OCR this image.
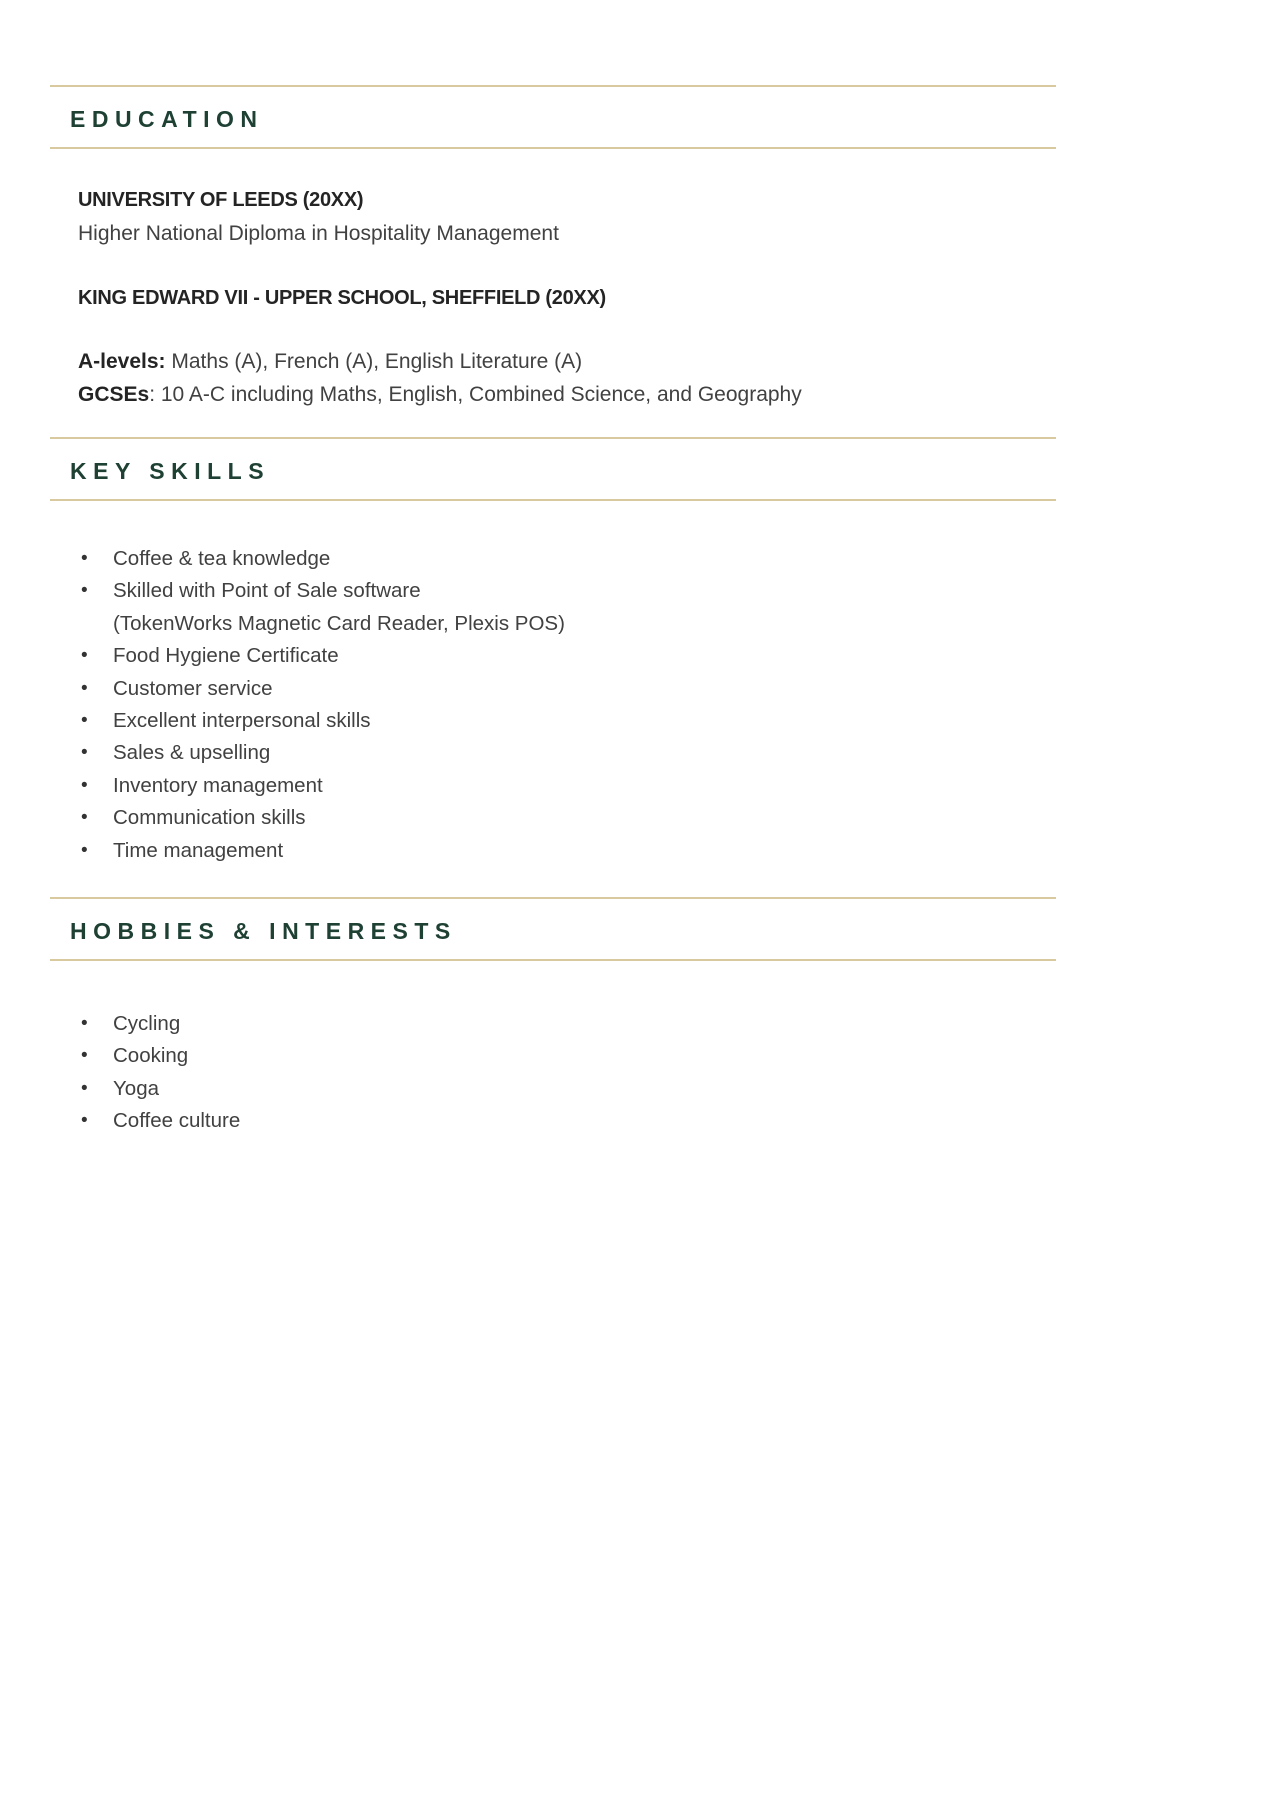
EDUCATION
UNIVERSITY OF LEEDS (20XX)
Higher National Diploma in Hospitality Management
KING EDWARD VII - UPPER SCHOOL, SHEFFIELD (20XX)

A-levels: Maths (A), French (A), English Literature (A)

GCSEs: 10 A-C including Maths, English, Combined Science, and Geography

KEY SKILLS
• Coffee & tea knowledge
• Skilled with Point of Sale software
(TokenWorks Magnetic Card Reader, Plexis POS)
• Food Hygiene Certificate
• Customer service
• Excellent interpersonal skills
• Sales & upselling
• Inventory management
• Communication skills
• Time management
HOBBIES & INTERESTS
• Cycling
• Cooking
• Yoga
• Coffee culture
